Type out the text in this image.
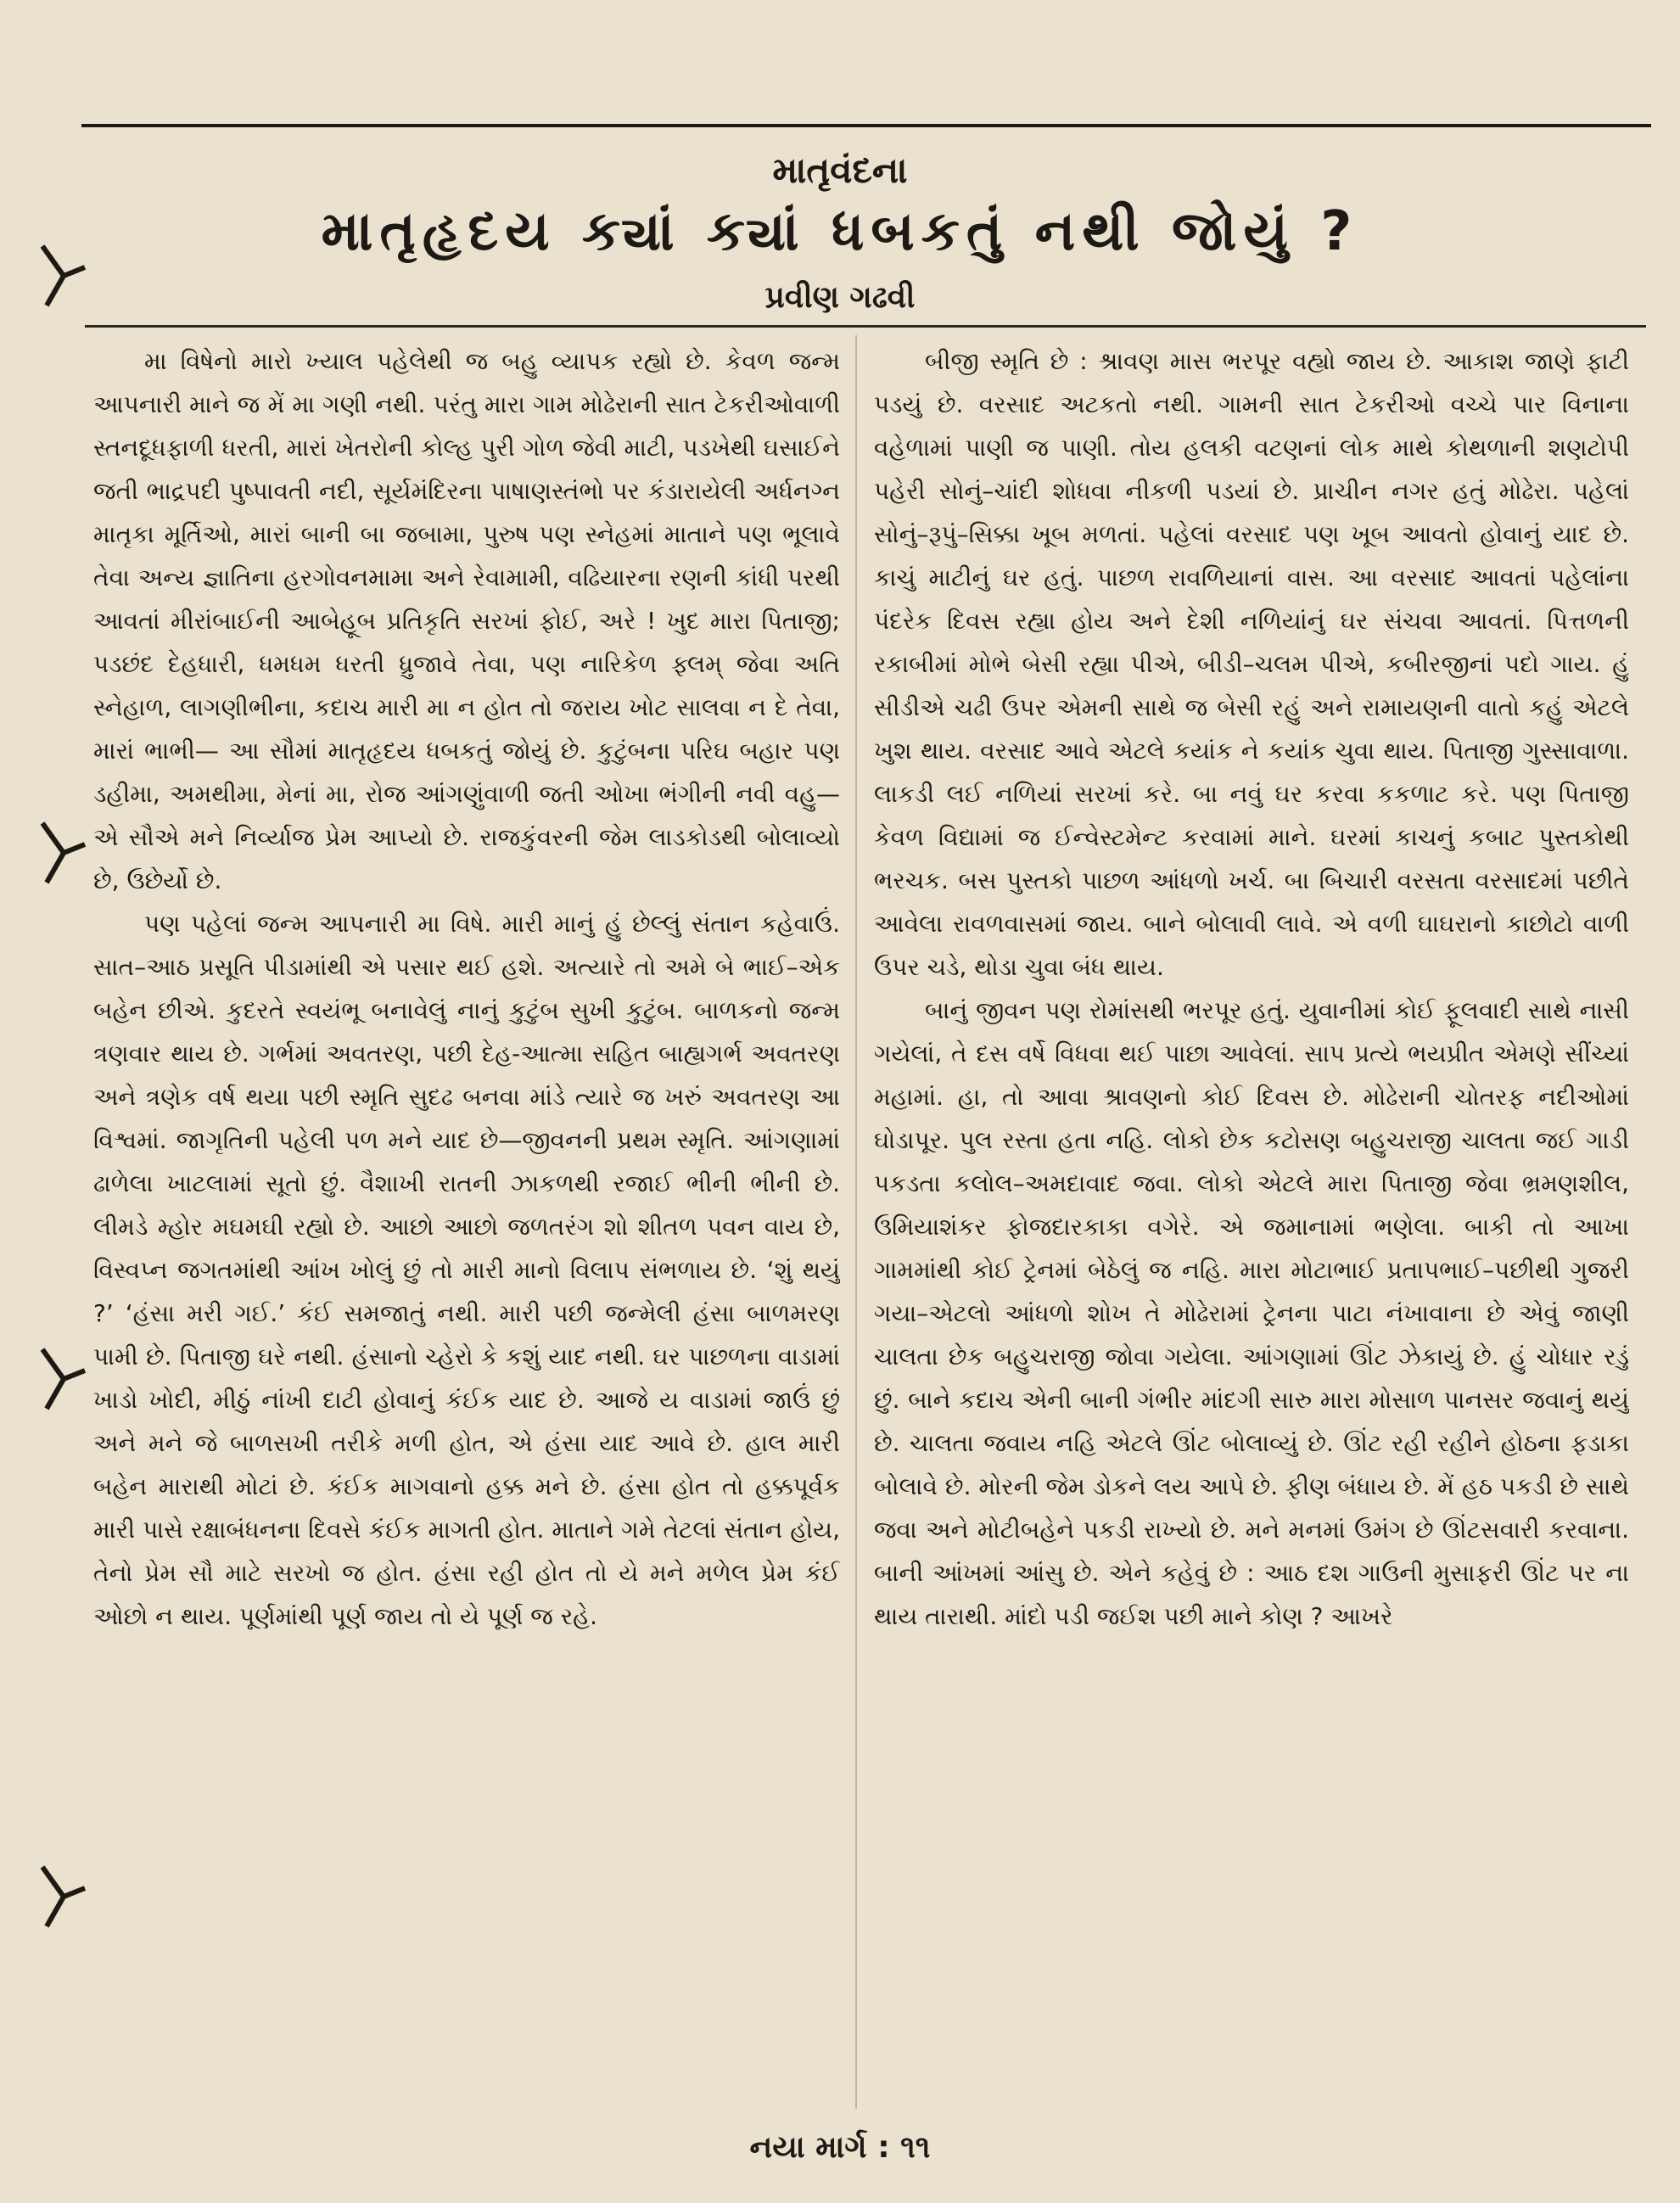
માતૃવંદના
માતૃહૃદય ક્યાં ક્યાં ધબકતું નથી જોયું ?
પ્રવીણ ગઢવી

મા વિષેનો મારો ખ્યાલ પહેલેથી જ બહુ વ્યાપક રહ્યો છે. કેવળ જન્મ આપનારી માને જ મેં મા ગણી નથી. પરંતુ મારા ગામ મોઢેરાની સાત ટેકરીઓવાળી સ્તનદૂધફાળી ધરતી, મારાં ખેતરોની કોલ્હ પુરી ગોળ જેવી માટી, પડખેથી ઘસાઈને જતી ભાદ્રપદી પુષ્પાવતી નદી, સૂર્યમંદિરના પાષાણસ્તંભો પર કંડારાયેલી અર્ધનગ્ન માતૃકા મૂર્તિઓ, મારાં બાની બા જબામા, પુરુષ પણ સ્નેહમાં માતાને પણ ભૂલાવે તેવા અન્ય જ્ઞાતિના હરગોવનમામા અને રેવામામી, વઢિયારના રણની કાંધી પરથી આવતાં મીરાંબાઈની આબેહૂબ પ્રતિકૃતિ સરખાં ફોઈ, અરે ! ખુદ મારા પિતાજી; પડછંદ દેહધારી, ધમધમ ધરતી ધ્રુજાવે તેવા, પણ નારિકેળ ફ્લમ્ જેવા અતિ સ્નેહાળ, લાગણીભીના, કદાચ મારી મા ન હોત તો જરાય ખોટ સાલવા ન દે તેવા, મારાં ભાભી— આ સૌમાં માતૃહૃદય ધબકતું જોયું છે. કુટુંબના પરિઘ બહાર પણ ડહીમા, અમથીમા, મેનાં મા, રોજ આંગણુંવાળી જતી ઓખા ભંગીની નવી વહુ—એ સૌએ મને નિર્વ્યાજ પ્રેમ આપ્યો છે. રાજકુંવરની જેમ લાડકોડથી બોલાવ્યો છે, ઉછેર્યો છે.

પણ પહેલાં જન્મ આપનારી મા વિષે. મારી માનું હું છેલ્લું સંતાન કહેવાઉં. સાત–આઠ પ્રસૂતિ પીડામાંથી એ પસાર થઈ હશે. અત્યારે તો અમે બે ભાઈ–એક બહેન છીએ. કુદરતે સ્વયંભૂ બનાવેલું નાનું કુટુંબ સુખી કુટુંબ. બાળકનો જન્મ ત્રણવાર થાય છે. ગર્ભમાં અવતરણ, પછી દેહ-આત્મા સહિત બાહ્યગર્ભ અવતરણ અને ત્રણેક વર્ષ થયા પછી સ્મૃતિ સુદઢ બનવા માંડે ત્યારે જ ખરું અવતરણ આ વિશ્વમાં. જાગૃતિની પહેલી પળ મને યાદ છે—જીવનની પ્રથમ સ્મૃતિ. આંગણામાં ઢાળેલા ખાટલામાં સૂતો છું. વૈશાખી રાતની ઝાકળથી રજાઈ ભીની ભીની છે. લીમડે મ્હોર મઘમઘી રહ્યો છે. આછો આછો જળતરંગ શો શીતળ પવન વાય છે, વિસ્વપ્ન જગતમાંથી આંખ ખોલું છું તો મારી માનો વિલાપ સંભળાય છે. ‘શું થયું ?’ ‘હંસા મરી ગઈ.’ કંઈ સમજાતું નથી. મારી પછી જન્મેલી હંસા બાળમરણ પામી છે. પિતાજી ઘરે નથી. હંસાનો ચ્હેરો કે કશું યાદ નથી. ઘર પાછળના વાડામાં ખાડો ખોદી, મીઠું નાંખી દાટી હોવાનું કંઈક યાદ છે. આજે ય વાડામાં જાઉં છું અને મને જે બાળસખી તરીકે મળી હોત, એ હંસા યાદ આવે છે. હાલ મારી બહેન મારાથી મોટાં છે. કંઈક માગવાનો હક્ક મને છે. હંસા હોત તો હક્કપૂર્વક મારી પાસે રક્ષાબંધનના દિવસે કંઈક માગતી હોત. માતાને ગમે તેટલાં સંતાન હોય, તેનો પ્રેમ સૌ માટે સરખો જ હોત. હંસા રહી હોત તો યે મને મળેલ પ્રેમ કંઈ ઓછો ન થાય. પૂર્ણમાંથી પૂર્ણ જાય તો યે પૂર્ણ જ રહે.

બીજી સ્મૃતિ છે : શ્રાવણ માસ ભરપૂર વહ્યો જાય છે. આકાશ જાણે ફાટી પડયું છે. વરસાદ અટકતો નથી. ગામની સાત ટેકરીઓ વચ્ચે પાર વિનાના વહેળામાં પાણી જ પાણી. તોય હલકી વટણનાં લોક માથે કોથળાની શણટોપી પહેરી સોનું–ચાંદી શોધવા નીકળી પડયાં છે. પ્રાચીન નગર હતું મોઢેરા. પહેલાં સોનું–રૂપું–સિક્કા ખૂબ મળતાં. પહેલાં વરસાદ પણ ખૂબ આવતો હોવાનું યાદ છે. કાચું માટીનું ઘર હતું. પાછળ રાવળિયાનાં વાસ. આ વરસાદ આવતાં પહેલાંના પંદરેક દિવસ રહ્યા હોય અને દેશી નળિયાંનું ઘર સંચવા આવતાં. પિત્તળની રકાબીમાં મોભે બેસી રહ્યા પીએ, બીડી–ચલમ પીએ, કબીરજીનાં પદો ગાય. હું સીડીએ ચઢી ઉપર એમની સાથે જ બેસી રહું અને રામાયણની વાતો કહું એટલે ખુશ થાય. વરસાદ આવે એટલે કયાંક ને કયાંક ચુવા થાય. પિતાજી ગુસ્સાવાળા. લાકડી લઈ નળિયાં સરખાં કરે. બા નવું ઘર કરવા કકળાટ કરે. પણ પિતાજી કેવળ વિદ્યામાં જ ઈન્વેસ્ટમેન્ટ કરવામાં માને. ઘરમાં કાચનું કબાટ પુસ્તકોથી ભરચક. બસ પુસ્તકો પાછળ આંધળો ખર્ચ. બા બિચારી વરસતા વરસાદમાં પછીતે આવેલા રાવળવાસમાં જાય. બાને બોલાવી લાવે. એ વળી ઘાઘરાનો કાછોટો વાળી ઉપર ચડે, થોડા ચુવા બંધ થાય.

બાનું જીવન પણ રોમાંસથી ભરપૂર હતું. યુવાનીમાં કોઈ ફૂલવાદી સાથે નાસી ગયેલાં, તે દસ વર્ષે વિધવા થઈ પાછા આવેલાં. સાપ પ્રત્યે ભયપ્રીત એમણે સીંચ્યાં મહામાં. હા, તો આવા શ્રાવણનો કોઈ દિવસ છે. મોઢેરાની ચોતરફ નદીઓમાં ઘોડાપૂર. પુલ રસ્તા હતા નહિ. લોકો છેક કટોસણ બહુચરાજી ચાલતા જઈ ગાડી પકડતા કલોલ–અમદાવાદ જવા. લોકો એટલે મારા પિતાજી જેવા ભ્રમણશીલ, ઉમિયાશંકર ફોજદારકાકા વગેરે. એ જમાનામાં ભણેલા. બાકી તો આખા ગામમાંથી કોઈ ટ્રેનમાં બેઠેલું જ નહિ. મારા મોટાભાઈ પ્રતાપભાઈ–પછીથી ગુજરી ગયા–એટલો આંધળો શોખ તે મોઢેરામાં ટ્રેનના પાટા નંખાવાના છે એવું જાણી ચાલતા છેક બહુચરાજી જોવા ગયેલા. આંગણામાં ઊંટ ઝેકાયું છે. હું ચોધાર રડું છું. બાને કદાચ એની બાની ગંભીર માંદગી સારુ મારા મોસાળ પાનસર જવાનું થયું છે. ચાલતા જવાય નહિ એટલે ઊંટ બોલાવ્યું છે. ઊંટ રહી રહીને હોઠના ફડાકા બોલાવે છે. મોરની જેમ ડોકને લય આપે છે. ફીણ બંધાય છે. મેં હઠ પકડી છે સાથે જવા અને મોટીબહેને પકડી રાખ્યો છે. મને મનમાં ઉમંગ છે ઊંટસવારી કરવાના. બાની આંખમાં આંસુ છે. એને કહેવું છે : આઠ દશ ગાઉની મુસાફરી ઊંટ પર ના થાય તારાથી. માંદો પડી જઈશ પછી માને કોણ ? આખરે

નયા માર્ગ : ૧૧
